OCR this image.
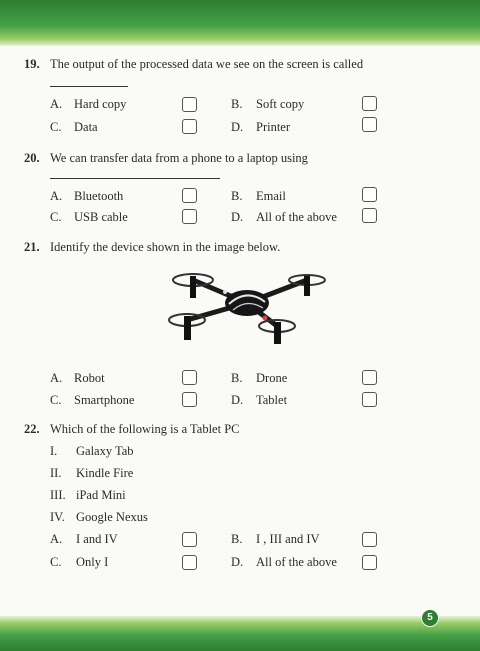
19. The output of the processed data we see on the screen is called
A. Hard copy	B. Soft copy
C. Data	D. Printer
20. We can transfer data from a phone to a laptop using
A. Bluetooth	B. Email
C. USB cable	D. All of the above
21. Identify the device shown in the image below.
A. Robot	B. Drone
C. Smartphone	D. Tablet
22. Which of the following is a Tablet PC
I. Galaxy Tab
II. Kindle Fire
III. iPad Mini
IV. Google Nexus
A. I and IV	B. I , III and IV
C. Only I	D. All of the above
5
